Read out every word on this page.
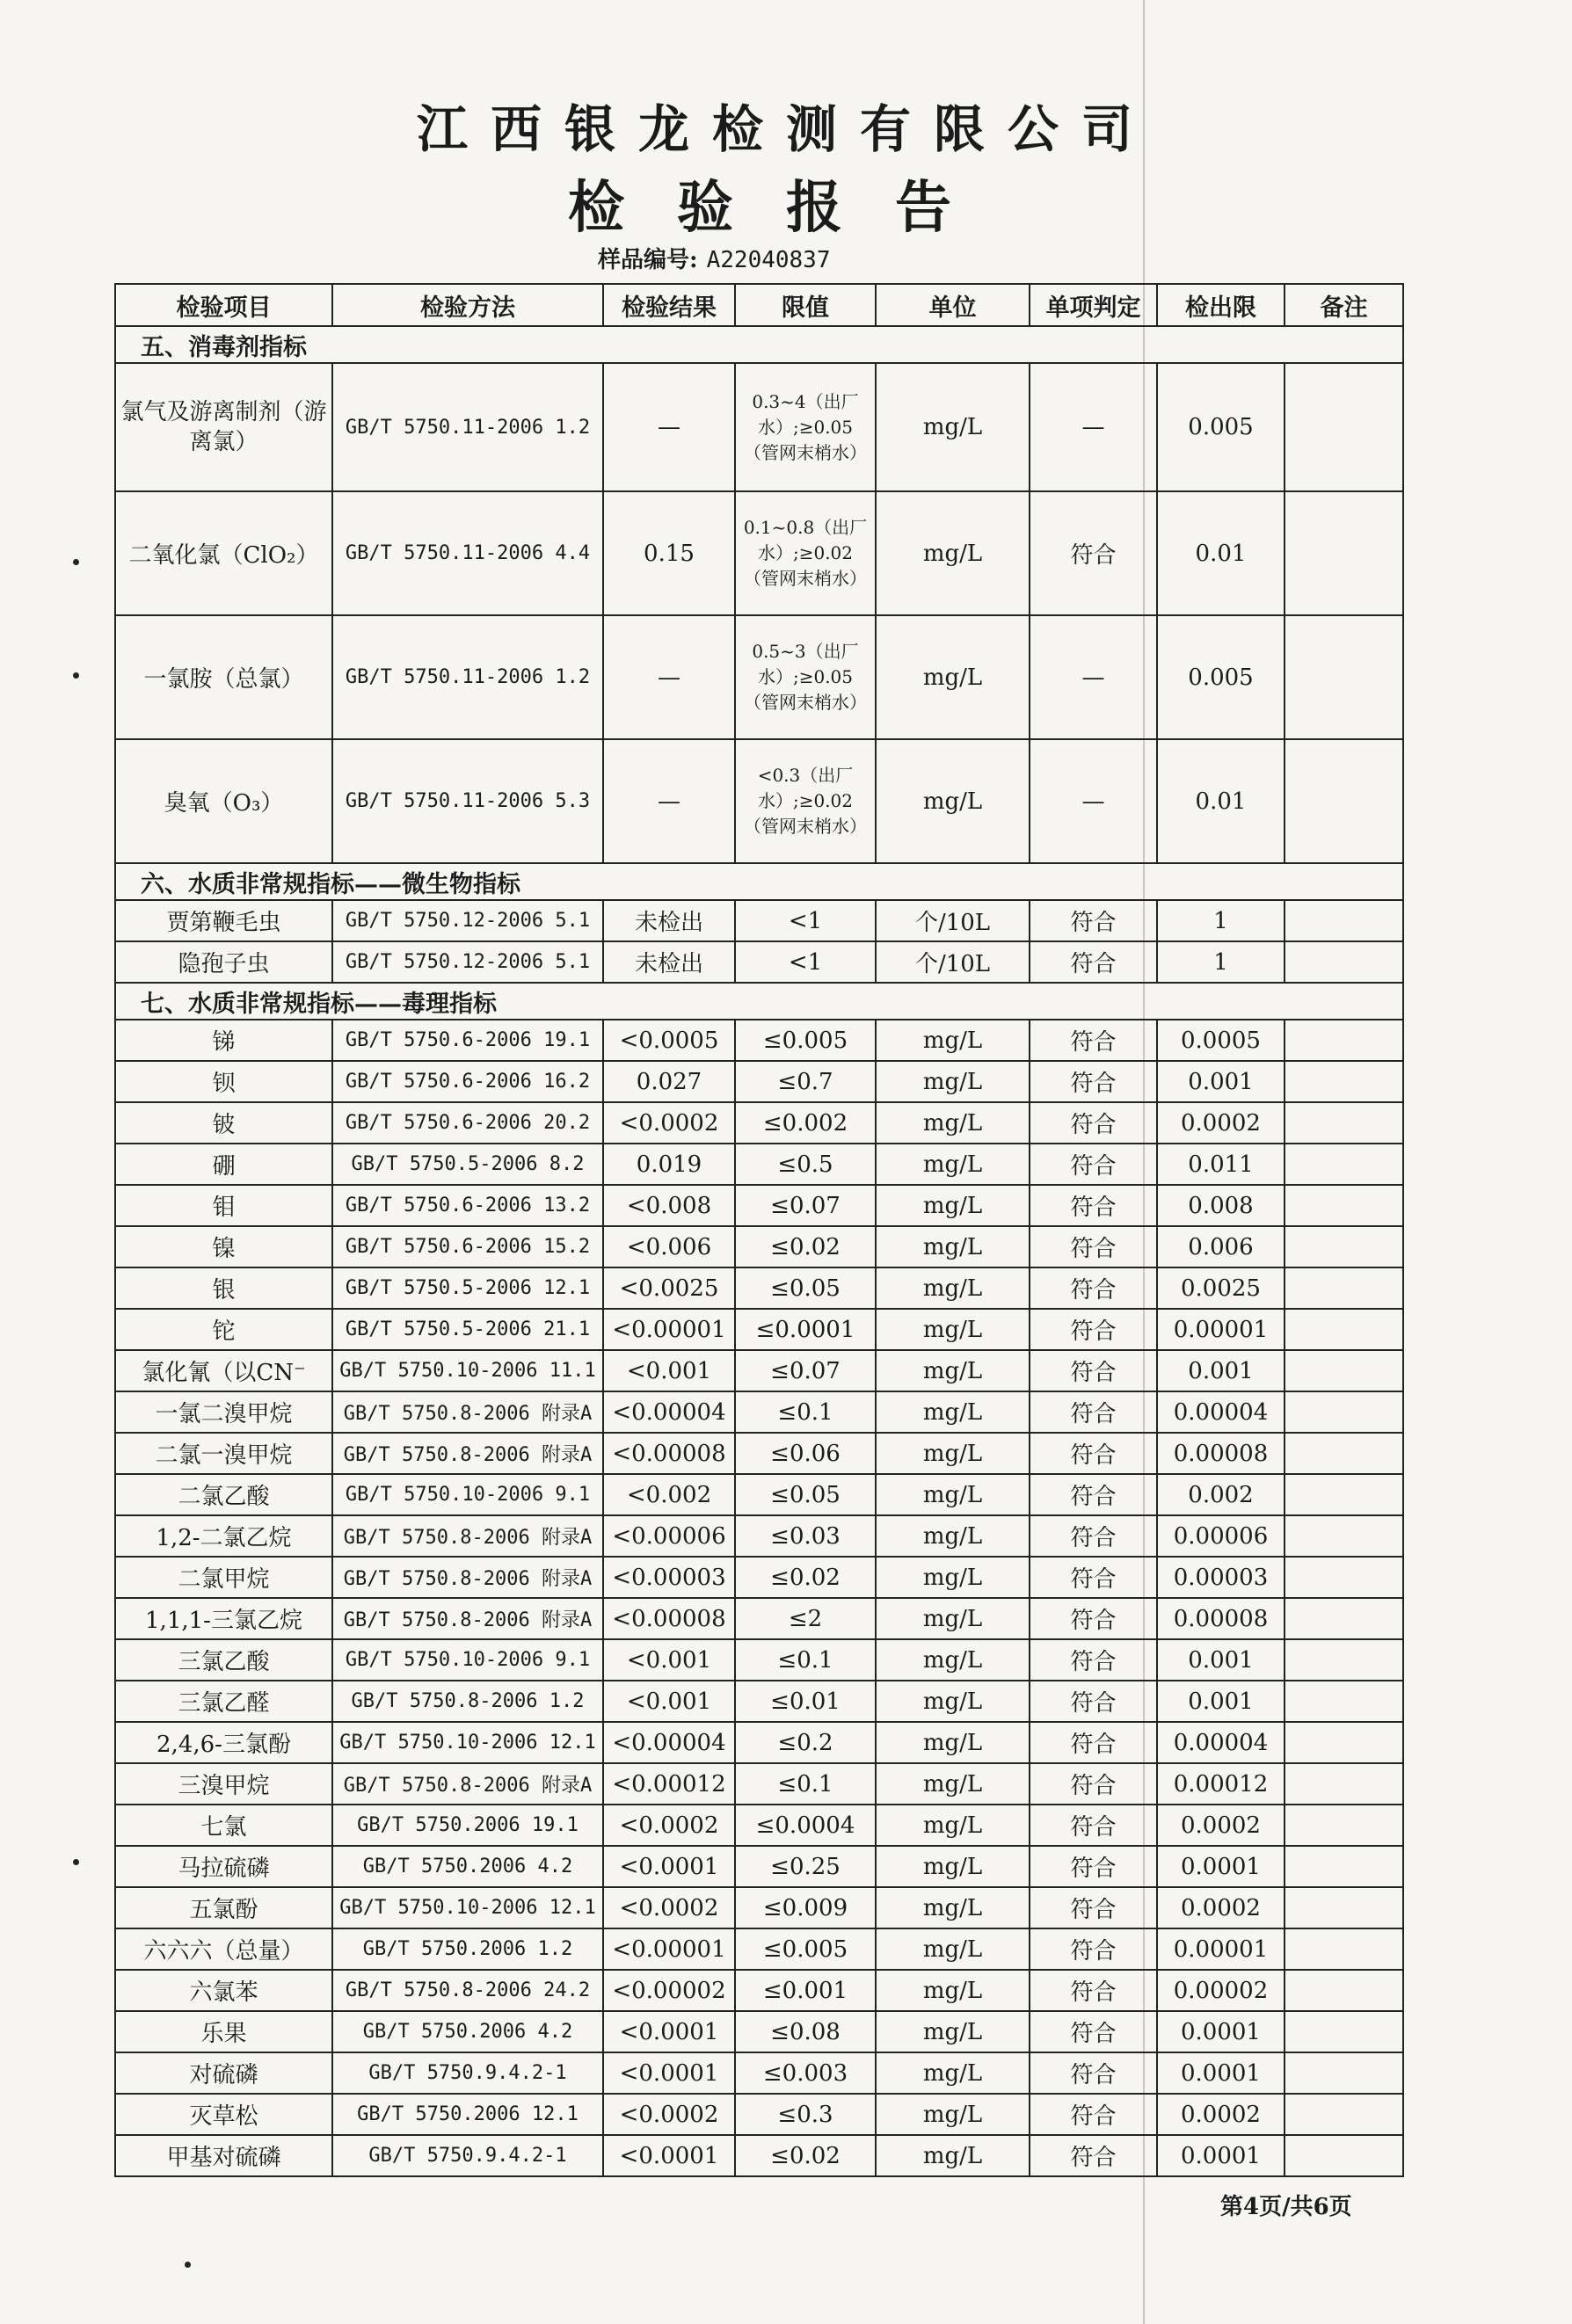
江西银龙检测有限公司
检验报告
样品编号: A22040837
检验项目	检验方法	检验结果	限值	单位	单项判定	检出限	备注
五、消毒剂指标							
氯气及游离制剂（游离氯）	GB/T 5750.11-2006 1.2	—	0.3~4（出厂水）;≥0.05（管网末梢水）	mg/L	—	0.005	
二氧化氯（ClO₂）	GB/T 5750.11-2006 4.4	0.15	0.1~0.8（出厂水）;≥0.02（管网末梢水）	mg/L	符合	0.01	
一氯胺（总氯）	GB/T 5750.11-2006 1.2	—	0.5~3（出厂水）;≥0.05（管网末梢水）	mg/L	—	0.005	
臭氧（O₃）	GB/T 5750.11-2006 5.3	—	<0.3（出厂水）;≥0.02（管网末梢水）	mg/L	—	0.01	
六、水质非常规指标——微生物指标							
贾第鞭毛虫	GB/T 5750.12-2006 5.1	未检出	<1	个/10L	符合	1	
隐孢子虫	GB/T 5750.12-2006 5.1	未检出	<1	个/10L	符合	1	
七、水质非常规指标——毒理指标							
锑	GB/T 5750.6-2006 19.1	<0.0005	≤0.005	mg/L	符合	0.0005	
钡	GB/T 5750.6-2006 16.2	0.027	≤0.7	mg/L	符合	0.001	
铍	GB/T 5750.6-2006 20.2	<0.0002	≤0.002	mg/L	符合	0.0002	
硼	GB/T 5750.5-2006 8.2	0.019	≤0.5	mg/L	符合	0.011	
钼	GB/T 5750.6-2006 13.2	<0.008	≤0.07	mg/L	符合	0.008	
镍	GB/T 5750.6-2006 15.2	<0.006	≤0.02	mg/L	符合	0.006	
银	GB/T 5750.5-2006 12.1	<0.0025	≤0.05	mg/L	符合	0.0025	
铊	GB/T 5750.5-2006 21.1	<0.00001	≤0.0001	mg/L	符合	0.00001	
氯化氰（以CN⁻	GB/T 5750.10-2006 11.1	<0.001	≤0.07	mg/L	符合	0.001	
一氯二溴甲烷	GB/T 5750.8-2006 附录A	<0.00004	≤0.1	mg/L	符合	0.00004	
二氯一溴甲烷	GB/T 5750.8-2006 附录A	<0.00008	≤0.06	mg/L	符合	0.00008	
二氯乙酸	GB/T 5750.10-2006 9.1	<0.002	≤0.05	mg/L	符合	0.002	
1,2-二氯乙烷	GB/T 5750.8-2006 附录A	<0.00006	≤0.03	mg/L	符合	0.00006	
二氯甲烷	GB/T 5750.8-2006 附录A	<0.00003	≤0.02	mg/L	符合	0.00003	
1,1,1-三氯乙烷	GB/T 5750.8-2006 附录A	<0.00008	≤2	mg/L	符合	0.00008	
三氯乙酸	GB/T 5750.10-2006 9.1	<0.001	≤0.1	mg/L	符合	0.001	
三氯乙醛	GB/T 5750.8-2006 1.2	<0.001	≤0.01	mg/L	符合	0.001	
2,4,6-三氯酚	GB/T 5750.10-2006 12.1	<0.00004	≤0.2	mg/L	符合	0.00004	
三溴甲烷	GB/T 5750.8-2006 附录A	<0.00012	≤0.1	mg/L	符合	0.00012	
七氯	GB/T 5750.2006 19.1	<0.0002	≤0.0004	mg/L	符合	0.0002	
马拉硫磷	GB/T 5750.2006 4.2	<0.0001	≤0.25	mg/L	符合	0.0001	
五氯酚	GB/T 5750.10-2006 12.1	<0.0002	≤0.009	mg/L	符合	0.0002	
六六六（总量）	GB/T 5750.2006 1.2	<0.00001	≤0.005	mg/L	符合	0.00001	
六氯苯	GB/T 5750.8-2006 24.2	<0.00002	≤0.001	mg/L	符合	0.00002	
乐果	GB/T 5750.2006 4.2	<0.0001	≤0.08	mg/L	符合	0.0001	
对硫磷	GB/T 5750.9.4.2-1	<0.0001	≤0.003	mg/L	符合	0.0001	
灭草松	GB/T 5750.2006 12.1	<0.0002	≤0.3	mg/L	符合	0.0002	
甲基对硫磷	GB/T 5750.9.4.2-1	<0.0001	≤0.02	mg/L	符合	0.0001	
第4页/共6页
